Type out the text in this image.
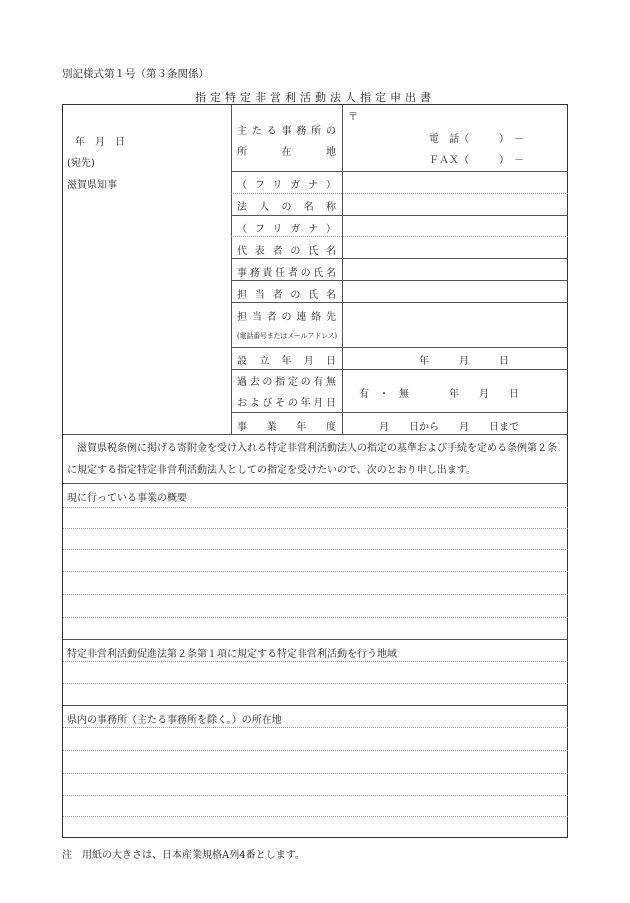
別記様式第１号（第３条関係）
指定特定非営利活動法人指定申出書
年　月　日
(宛先)
滋賀県知事
主たる事務所の
所　　在　　地
（フリガナ）
法人の名称
（フリガナ）
代表者の氏名
事務責任者の氏名
担当者の氏名
担当者の連絡先
(電話番号またはメールアドレス)
設立年月日
過去の指定の有無
およびその年月日
事業年度
〒
電　話（　　　）　－
ＦＡＸ（　　　）　－
年　　　月　　　日
有　・　無　　　　年　　月　　日
月　　日から　　月　　日まで
滋賀県税条例に掲げる寄附金を受け入れる特定非営利活動法人の指定の基準および手続を定める条例第２条に規定する指定特定非営利活動法人としての指定を受けたいので、次のとおり申し出ます。
現に行っている事業の概要
特定非営利活動促進法第２条第１項に規定する特定非営利活動を行う地域
県内の事務所（主たる事務所を除く。）の所在地
注　用紙の大きさは、日本産業規格A列4番とします。
